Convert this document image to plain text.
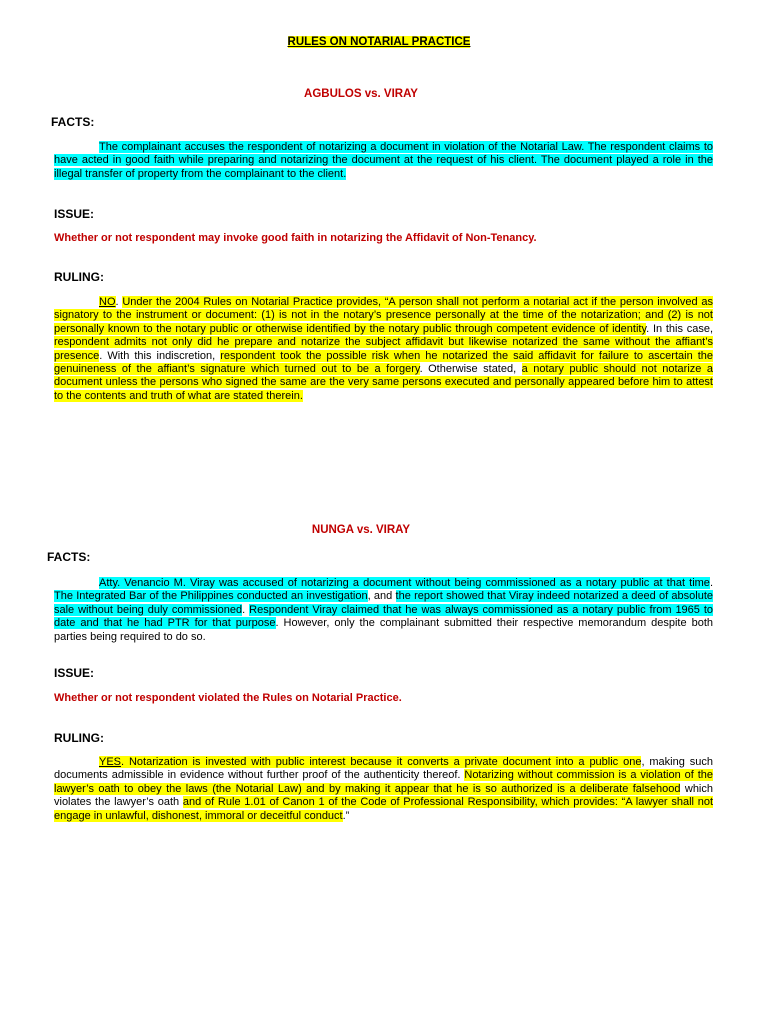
RULES ON NOTARIAL PRACTICE
AGBULOS vs. VIRAY
FACTS:
The complainant accuses the respondent of notarizing a document in violation of the Notarial Law. The respondent claims to have acted in good faith while preparing and notarizing the document at the request of his client. The document played a role in the illegal transfer of property from the complainant to the client.
ISSUE:
Whether or not respondent may invoke good faith in notarizing the Affidavit of Non-Tenancy.
RULING:
NO. Under the 2004 Rules on Notarial Practice provides, “A person shall not perform a notarial act if the person involved as signatory to the instrument or document: (1) is not in the notary’s presence personally at the time of the notarization; and (2) is not personally known to the notary public or otherwise identified by the notary public through competent evidence of identity. In this case, respondent admits not only did he prepare and notarize the subject affidavit but likewise notarized the same without the affiant’s presence. With this indiscretion, respondent took the possible risk when he notarized the said affidavit for failure to ascertain the genuineness of the affiant’s signature which turned out to be a forgery. Otherwise stated, a notary public should not notarize a document unless the persons who signed the same are the very same persons executed and personally appeared before him to attest to the contents and truth of what are stated therein.
NUNGA vs. VIRAY
FACTS:
Atty. Venancio M. Viray was accused of notarizing a document without being commissioned as a notary public at that time. The Integrated Bar of the Philippines conducted an investigation, and the report showed that Viray indeed notarized a deed of absolute sale without being duly commissioned. Respondent Viray claimed that he was always commissioned as a notary public from 1965 to date and that he had PTR for that purpose. However, only the complainant submitted their respective memorandum despite both parties being required to do so.
ISSUE:
Whether or not respondent violated the Rules on Notarial Practice.
RULING:
YES. Notarization is invested with public interest because it converts a private document into a public one, making such documents admissible in evidence without further proof of the authenticity thereof. Notarizing without commission is a violation of the lawyer’s oath to obey the laws (the Notarial Law) and by making it appear that he is so authorized is a deliberate falsehood which violates the lawyer’s oath and of Rule 1.01 of Canon 1 of the Code of Professional Responsibility, which provides: “A lawyer shall not engage in unlawful, dishonest, immoral or deceitful conduct.”
